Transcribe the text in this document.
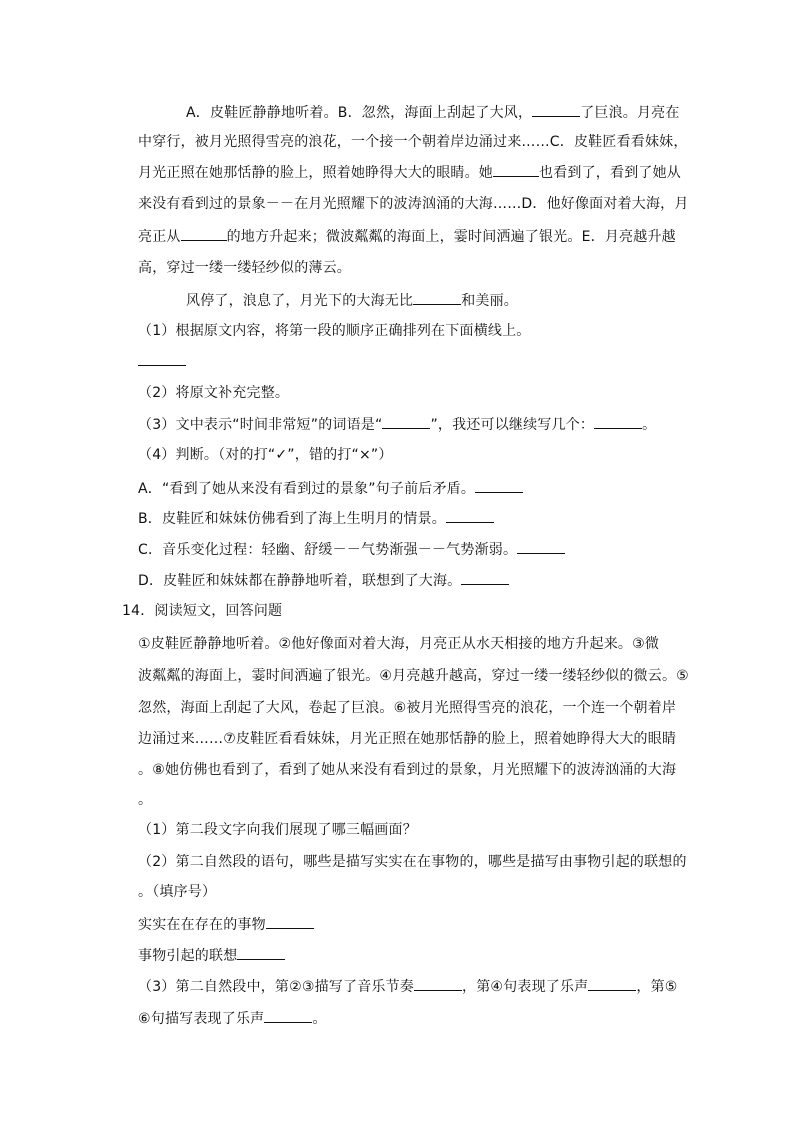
A．皮鞋匠静静地听着。B．忽然，海面上刮起了大风，	了巨浪。月亮在
中穿行，被月光照得雪亮的浪花，一个接一个朝着岸边涌过来……C．皮鞋匠看看妹妹，
月光正照在她那恬静的脸上，照着她睁得大大的眼睛。她	也看到了，看到了她从
来没有看到过的景象－－在月光照耀下的波涛汹涌的大海……D．他好像面对着大海，月
亮正从	的地方升起来；微波粼粼的海面上，霎时间洒遍了银光。E．月亮越升越
高，穿过一缕一缕轻纱似的薄云。
风停了，浪息了，月光下的大海无比	和美丽。
（1）根据原文内容，将第一段的顺序正确排列在下面横线上。
（2）将原文补充完整。
（3）文中表示“时间非常短”的词语是“	”，我还可以继续写几个：	。
（4）判断。（对的打“✓”，错的打“×”）
A．“看到了她从来没有看到过的景象”句子前后矛盾。
B．皮鞋匠和妹妹仿佛看到了海上生明月的情景。
C．音乐变化过程：轻幽、舒缓－－气势渐强－－气势渐弱。
D．皮鞋匠和妹妹都在静静地听着，联想到了大海。
14．阅读短文，回答问题
①皮鞋匠静静地听着。②他好像面对着大海，月亮正从水天相接的地方升起来。③微
波粼粼的海面上，霎时间洒遍了银光。④月亮越升越高，穿过一缕一缕轻纱似的微云。⑤
忽然，海面上刮起了大风，卷起了巨浪。⑥被月光照得雪亮的浪花，一个连一个朝着岸
边涌过来……⑦皮鞋匠看看妹妹，月光正照在她那恬静的脸上，照着她睁得大大的眼睛
。⑧她仿佛也看到了，看到了她从来没有看到过的景象，月光照耀下的波涛汹涌的大海
。
（1）第二段文字向我们展现了哪三幅画面？
（2）第二自然段的语句，哪些是描写实实在在事物的，哪些是描写由事物引起的联想的
。（填序号）
实实在在存在的事物
事物引起的联想
（3）第二自然段中，第②③描写了音乐节奏	，第④句表现了乐声	，第⑤
⑥句描写表现了乐声	。
